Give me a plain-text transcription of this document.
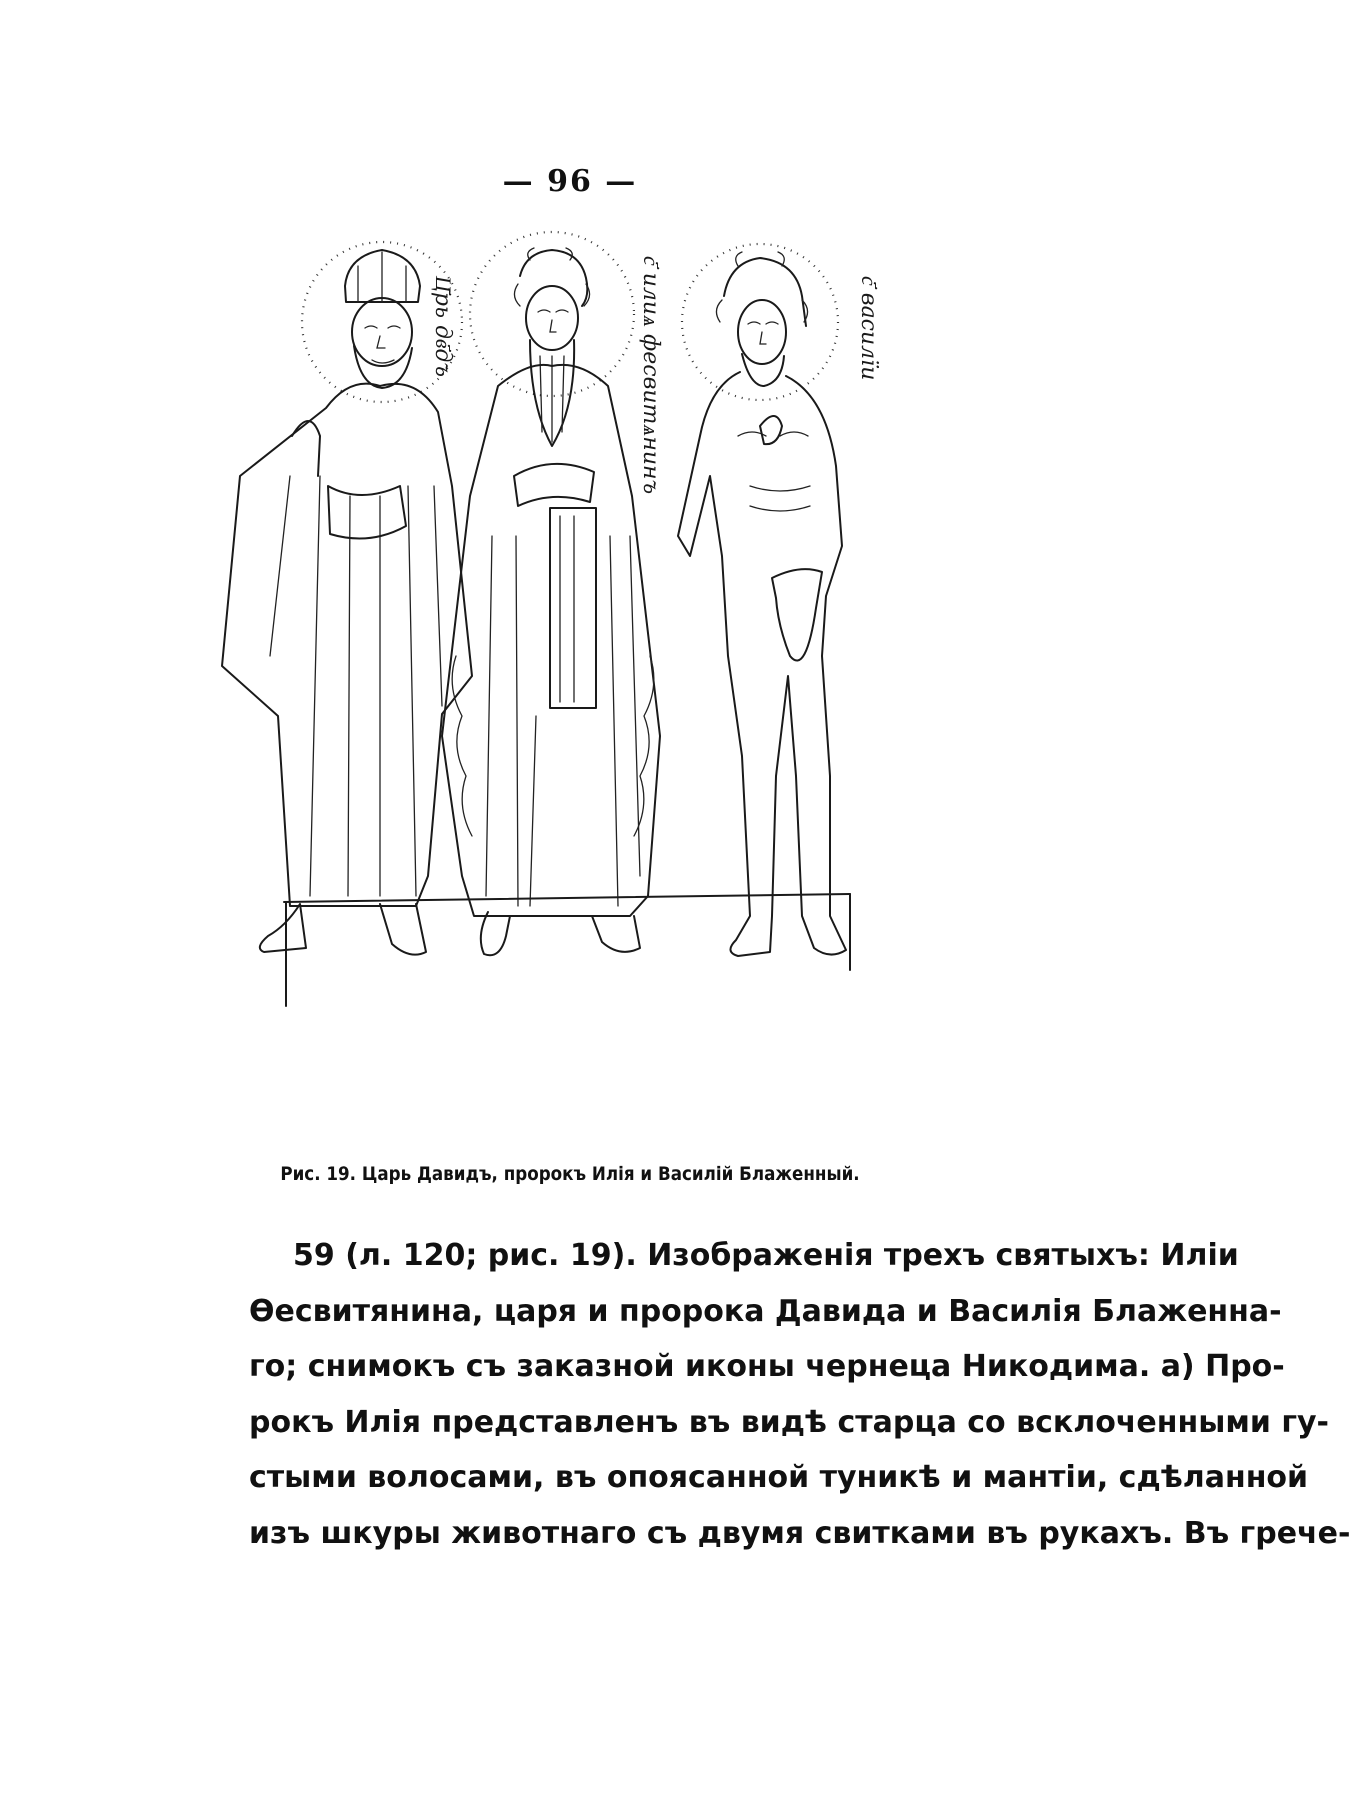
— 96 —
Ц҃рь дв҃дъ	с҃ илиѧ фесвитѧнинъ	с҃ василїи
Рис. 19. Царь Давидъ, пророкъ Илія и Василій Блаженный.
59 (л. 120; рис. 19). Изображенія трехъ святыхъ: Иліи
Өесвитянина, царя и пророка Давида и Василія Блаженна-
го; снимокъ съ заказной иконы чернеца Никодима. а) Про-
рокъ Илія представленъ въ видѣ старца со всклоченными гу-
стыми волосами, въ опоясанной туникѣ и мантіи, сдѣланной
изъ шкуры животнаго съ двумя свитками въ рукахъ. Въ грече-
